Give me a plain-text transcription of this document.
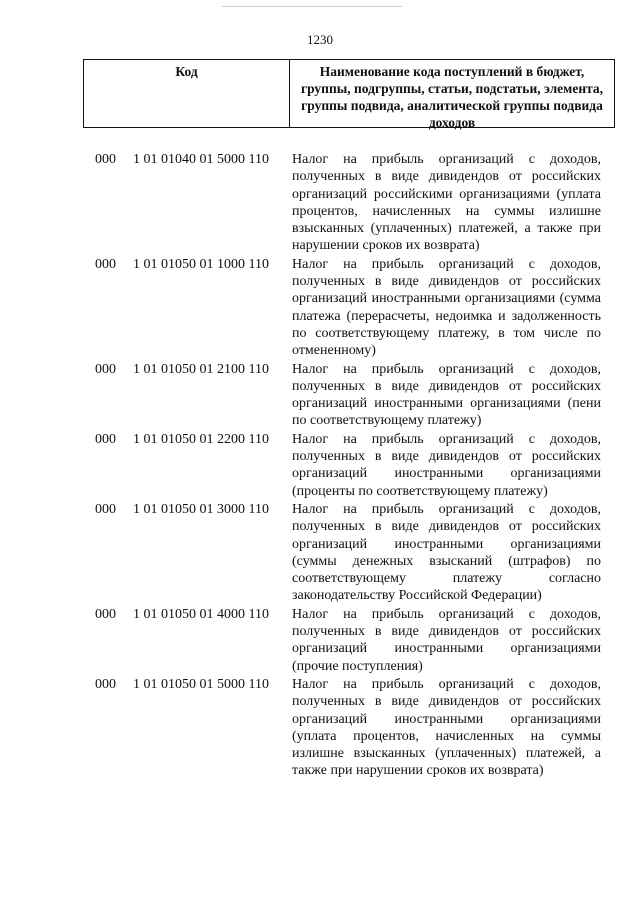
1230
Код	Наименование кода поступлений в бюджет, группы, подгруппы, статьи, подстатьи, элемента, группы подвида, аналитической группы подвида доходов
000 1 01 01040 01 5000 110 Налог на прибыль организаций с доходов, полученных в виде дивидендов от российских организаций российскими организациями (уплата процентов, начисленных на суммы излишне взысканных (уплаченных) платежей, а также при нарушении сроков их возврата)
000 1 01 01050 01 1000 110 Налог на прибыль организаций с доходов, полученных в виде дивидендов от российских организаций иностранными организациями (сумма платежа (перерасчеты, недоимка и задолженность по соответствующему платежу, в том числе по отмененному)
000 1 01 01050 01 2100 110 Налог на прибыль организаций с доходов, полученных в виде дивидендов от российских организаций иностранными организациями (пени по соответствующему платежу)
000 1 01 01050 01 2200 110 Налог на прибыль организаций с доходов, полученных в виде дивидендов от российских организаций иностранными организациями (проценты по соответствующему платежу)
000 1 01 01050 01 3000 110 Налог на прибыль организаций с доходов, полученных в виде дивидендов от российских организаций иностранными организациями (суммы денежных взысканий (штрафов) по соответствующему платежу согласно законодательству Российской Федерации)
000 1 01 01050 01 4000 110 Налог на прибыль организаций с доходов, полученных в виде дивидендов от российских организаций иностранными организациями (прочие поступления)
000 1 01 01050 01 5000 110 Налог на прибыль организаций с доходов, полученных в виде дивидендов от российских организаций иностранными организациями (уплата процентов, начисленных на суммы излишне взысканных (уплаченных) платежей, а также при нарушении сроков их возврата)
